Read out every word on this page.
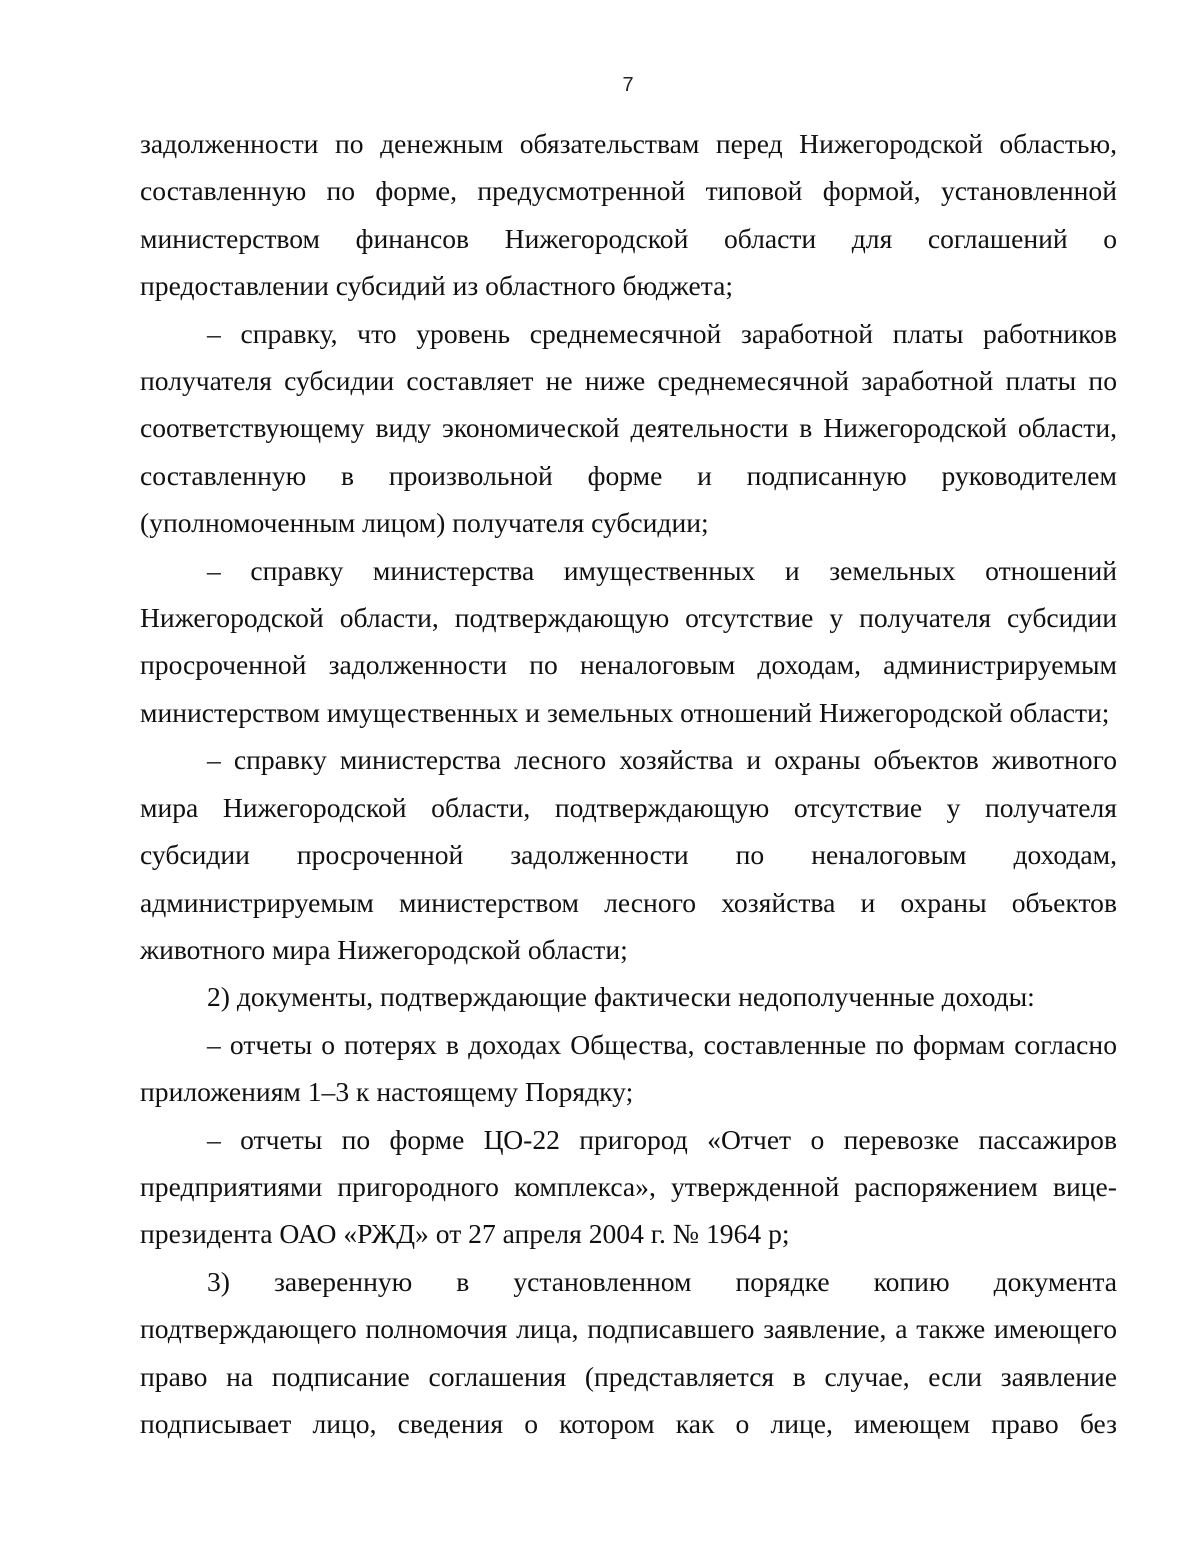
7

задолженности по денежным обязательствам перед Нижегородской областью, составленную по форме, предусмотренной типовой формой, установленной министерством финансов Нижегородской области для соглашений о предоставлении субсидий из областного бюджета;

– справку, что уровень среднемесячной заработной платы работников получателя субсидии составляет не ниже среднемесячной заработной платы по соответствующему виду экономической деятельности в Нижегородской области, составленную в произвольной форме и подписанную руководителем (уполномоченным лицом) получателя субсидии;

– справку министерства имущественных и земельных отношений Нижегородской области, подтверждающую отсутствие у получателя субсидии просроченной задолженности по неналоговым доходам, администрируемым министерством имущественных и земельных отношений Нижегородской области;

– справку министерства лесного хозяйства и охраны объектов животного мира Нижегородской области, подтверждающую отсутствие у получателя субсидии просроченной задолженности по неналоговым доходам, администрируемым министерством лесного хозяйства и охраны объектов животного мира Нижегородской области;

2) документы, подтверждающие фактически недополученные доходы:

– отчеты о потерях в доходах Общества, составленные по формам согласно приложениям 1–3 к настоящему Порядку;

– отчеты по форме ЦО-22 пригород «Отчет о перевозке пассажиров предприятиями пригородного комплекса», утвержденной распоряжением вице-президента ОАО «РЖД» от 27 апреля 2004 г. № 1964 р;

3) заверенную в установленном порядке копию документа подтверждающего полномочия лица, подписавшего заявление, а также имеющего право на подписание соглашения (представляется в случае, если заявление подписывает лицо, сведения о котором как о лице, имеющем право без
